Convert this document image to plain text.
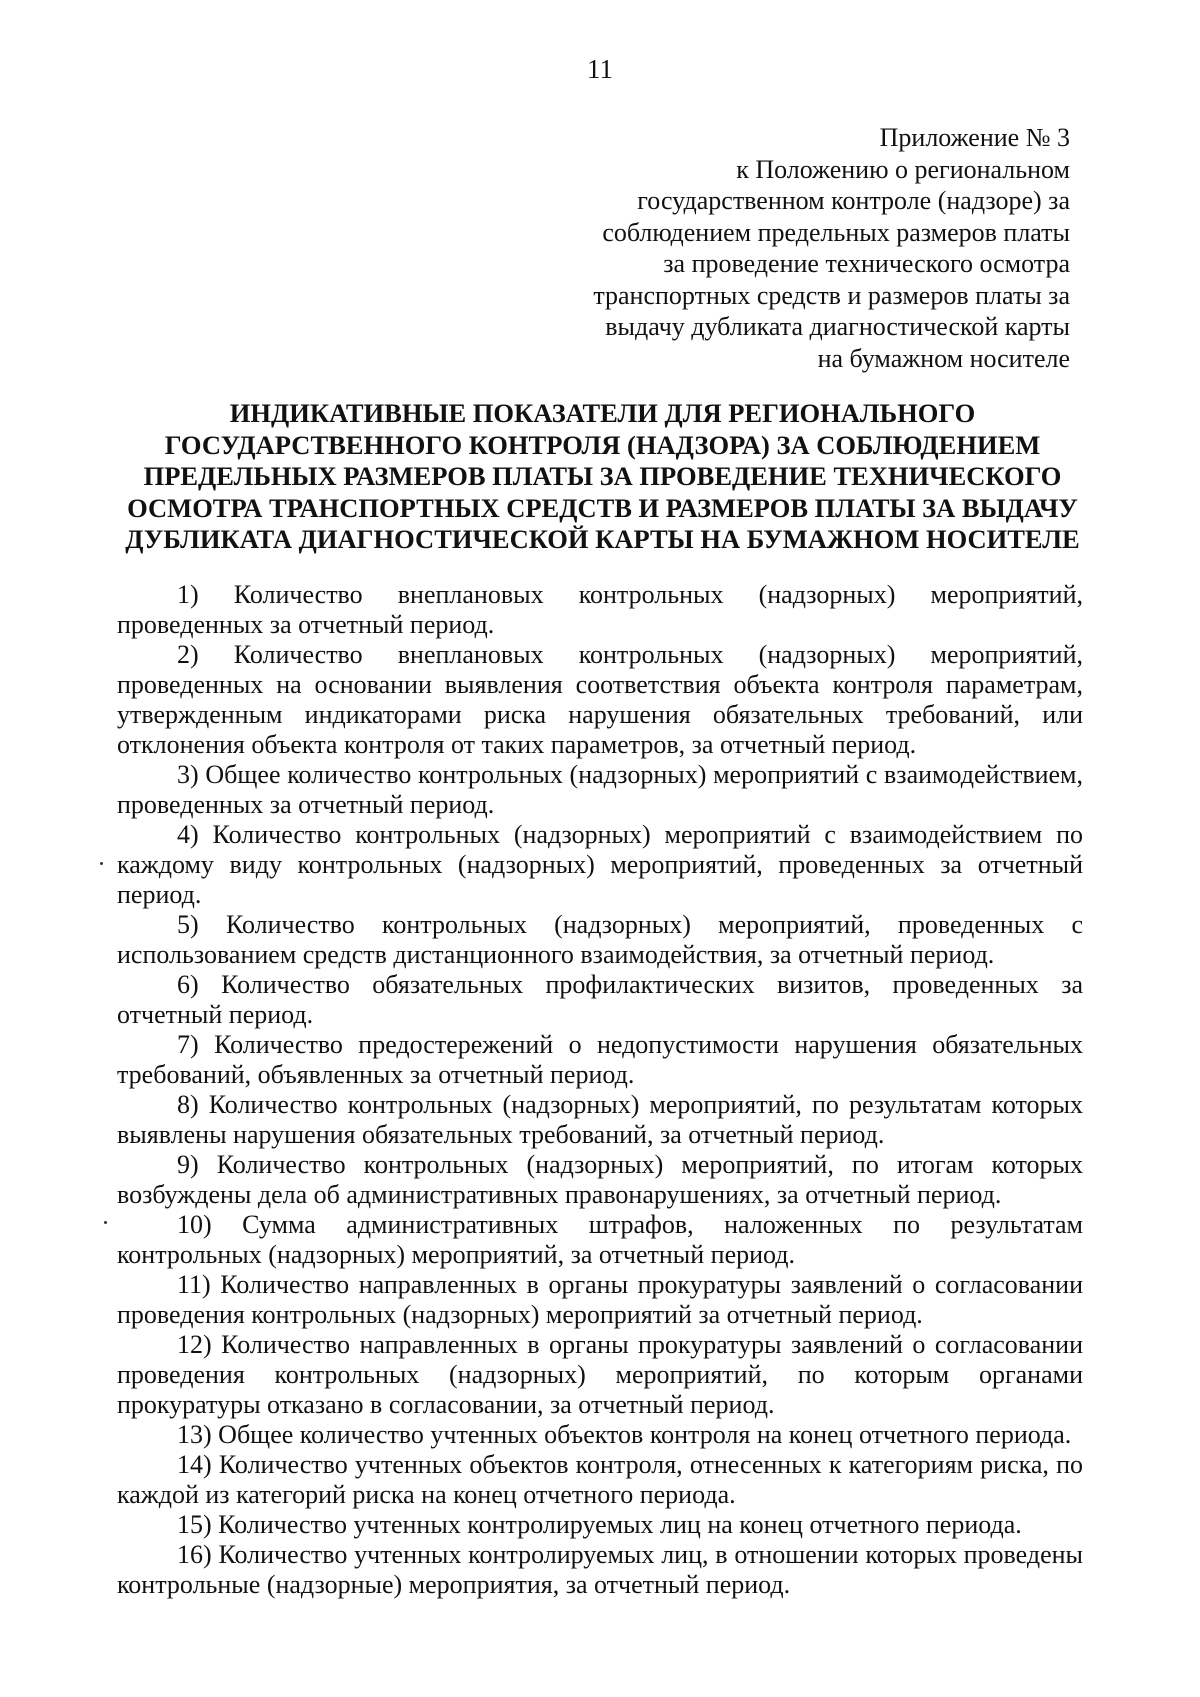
11
Приложение № 3
к Положению о региональном
государственном контроле (надзоре) за
соблюдением предельных размеров платы
за проведение технического осмотра
транспортных средств и размеров платы за
выдачу дубликата диагностической карты
на бумажном носителе
ИНДИКАТИВНЫЕ ПОКАЗАТЕЛИ ДЛЯ РЕГИОНАЛЬНОГО
ГОСУДАРСТВЕННОГО КОНТРОЛЯ (НАДЗОРА) ЗА СОБЛЮДЕНИЕМ
ПРЕДЕЛЬНЫХ РАЗМЕРОВ ПЛАТЫ ЗА ПРОВЕДЕНИЕ ТЕХНИЧЕСКОГО
ОСМОТРА ТРАНСПОРТНЫХ СРЕДСТВ И РАЗМЕРОВ ПЛАТЫ ЗА ВЫДАЧУ
ДУБЛИКАТА ДИАГНОСТИЧЕСКОЙ КАРТЫ НА БУМАЖНОМ НОСИТЕЛЕ

1) Количество внеплановых контрольных (надзорных) мероприятий, проведенных за отчетный период.

2) Количество внеплановых контрольных (надзорных) мероприятий, проведенных на основании выявления соответствия объекта контроля параметрам, утвержденным индикаторами риска нарушения обязательных требований, или отклонения объекта контроля от таких параметров, за отчетный период.

3) Общее количество контрольных (надзорных) мероприятий с взаимодействием, проведенных за отчетный период.

4) Количество контрольных (надзорных) мероприятий с взаимодействием по каждому виду контрольных (надзорных) мероприятий, проведенных за отчетный период.

5) Количество контрольных (надзорных) мероприятий, проведенных с использованием средств дистанционного взаимодействия, за отчетный период.

6) Количество обязательных профилактических визитов, проведенных за отчетный период.

7) Количество предостережений о недопустимости нарушения обязательных требований, объявленных за отчетный период.

8) Количество контрольных (надзорных) мероприятий, по результатам которых выявлены нарушения обязательных требований, за отчетный период.

9) Количество контрольных (надзорных) мероприятий, по итогам которых возбуждены дела об административных правонарушениях, за отчетный период.

10) Сумма административных штрафов, наложенных по результатам контрольных (надзорных) мероприятий, за отчетный период.

11) Количество направленных в органы прокуратуры заявлений о согласовании проведения контрольных (надзорных) мероприятий за отчетный период.

12) Количество направленных в органы прокуратуры заявлений о согласовании проведения контрольных (надзорных) мероприятий, по которым органами прокуратуры отказано в согласовании, за отчетный период.

13) Общее количество учтенных объектов контроля на конец отчетного периода.

14) Количество учтенных объектов контроля, отнесенных к категориям риска, по каждой из категорий риска на конец отчетного периода.

15) Количество учтенных контролируемых лиц на конец отчетного периода.

16) Количество учтенных контролируемых лиц, в отношении которых проведены контрольные (надзорные) мероприятия, за отчетный период.
